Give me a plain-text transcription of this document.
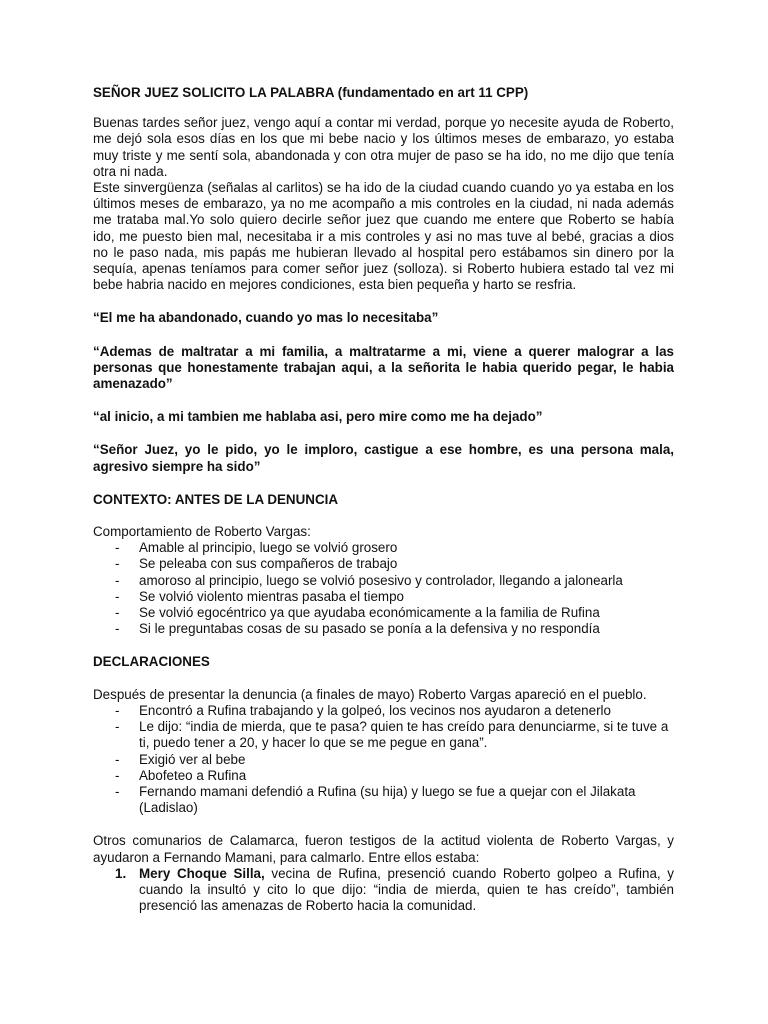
SEÑOR JUEZ SOLICITO LA PALABRA (fundamentado en art 11 CPP)

Buenas tardes señor juez, vengo aquí a contar mi verdad, porque yo necesite ayuda de Roberto, me dejó sola esos días en los que mi bebe nacio y los últimos meses de embarazo, yo estaba muy triste y me sentí sola, abandonada y con otra mujer de paso se ha ido, no me dijo que tenía otra ni nada.

Este sinvergüenza (señalas al carlitos) se ha ido de la ciudad cuando cuando yo ya estaba en los últimos meses de embarazo, ya no me acompaño a mis controles en la ciudad, ni nada además me trataba mal.Yo solo quiero decirle señor juez que cuando me entere que Roberto se había ido, me puesto bien mal, necesitaba ir a mis controles y asi no mas tuve al bebé, gracias a dios no le paso nada, mis papás me hubieran llevado al hospital pero estábamos sin dinero por la sequía, apenas teníamos para comer señor juez (solloza). si Roberto hubiera estado tal vez mi bebe habria nacido en mejores condiciones, esta bien pequeña y harto se resfria.

“El me ha abandonado, cuando yo mas lo necesitaba”
“Ademas de maltratar a mi familia, a maltratarme a mi, viene a querer malograr a las personas que honestamente trabajan aqui, a la señorita le habia querido pegar, le habia amenazado”
“al inicio, a mi tambien me hablaba asi, pero mire como me ha dejado”
“Señor Juez, yo le pido, yo le imploro, castigue a ese hombre, es una persona mala, agresivo siempre ha sido”
CONTEXTO: ANTES DE LA DENUNCIA
Comportamiento de Roberto Vargas:
- Amable al principio, luego se volvió grosero
- Se peleaba con sus compañeros de trabajo
- amoroso al principio, luego se volvió posesivo y controlador, llegando a jalonearla
- Se volvió violento mientras pasaba el tiempo
- Se volvió egocéntrico ya que ayudaba económicamente a la familia de Rufina
- Si le preguntabas cosas de su pasado se ponía a la defensiva y no respondía
DECLARACIONES
Después de presentar la denuncia (a finales de mayo) Roberto Vargas apareció en el pueblo.
- Encontró a Rufina trabajando y la golpeó, los vecinos nos ayudaron a detenerlo
- Le dijo: “india de mierda, que te pasa? quien te has creído para denunciarme, si te tuve a ti, puedo tener a 20, y hacer lo que se me pegue en gana”.
- Exigió ver al bebe
- Abofeteo a Rufina
- Fernando mamani defendió a Rufina (su hija) y luego se fue a quejar con el Jilakata (Ladislao)

Otros comunarios de Calamarca, fueron testigos de la actitud violenta de Roberto Vargas, y ayudaron a Fernando Mamani, para calmarlo. Entre ellos estaba:

1. Mery Choque Silla, vecina de Rufina, presenció cuando Roberto golpeo a Rufina, y cuando la insultó y cito lo que dijo: “india de mierda, quien te has creído”, también presenció las amenazas de Roberto hacia la comunidad.
